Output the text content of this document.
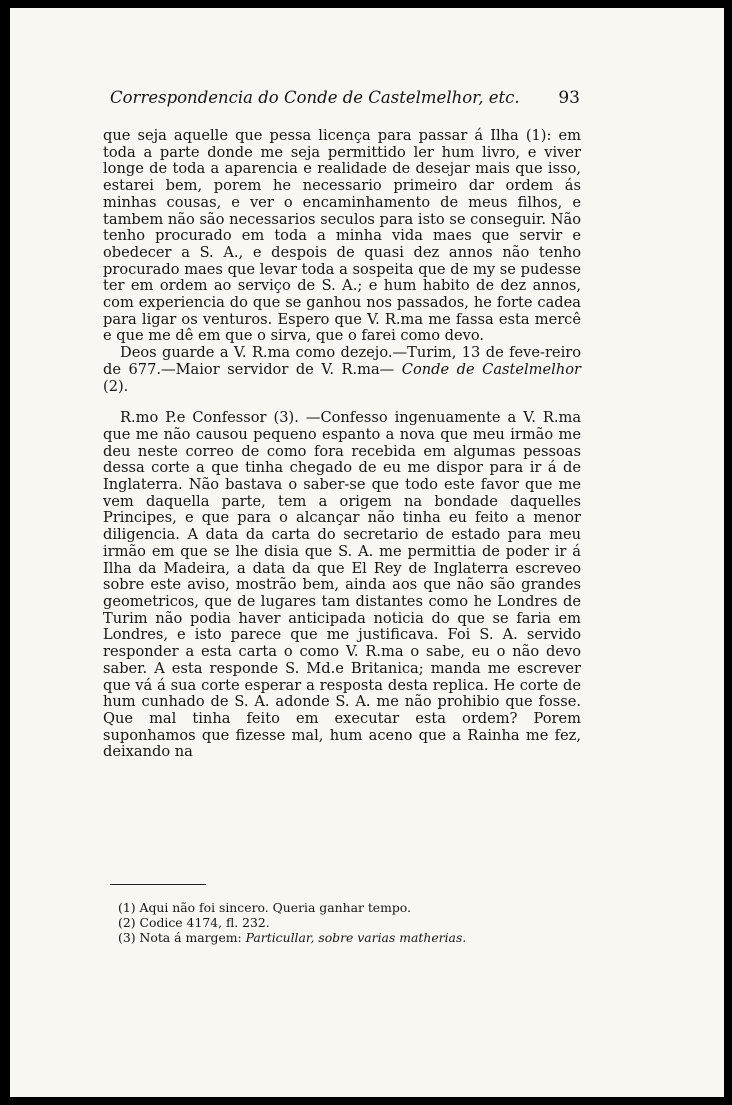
Correspondencia do Conde de Castelmelhor, etc. 93

que seja aquelle que pessa licença para passar á Ilha (1): em toda a parte donde me seja permittido ler hum livro, e viver longe de toda a aparencia e realidade de desejar mais que isso, estarei bem, porem he necessario primeiro dar ordem ás minhas cousas, e ver o encaminhamento de meus filhos, e tambem não são necessarios seculos para isto se conseguir. Não tenho procurado em toda a minha vida maes que servir e obedecer a S. A., e despois de quasi dez annos não tenho procurado maes que levar toda a sospeita que de my se pudesse ter em ordem ao serviço de S. A.; e hum habito de dez annos, com experiencia do que se ganhou nos passados, he forte cadea para ligar os venturos. Espero que V. R.ma me fassa esta mercê e que me dê em que o sirva, que o farei como devo.

Deos guarde a V. R.ma como dezejo.—Turim, 13 de feve-reiro de 677.—Maior servidor de V. R.ma— Conde de Castelmelhor (2).

R.mo P.e Confessor (3). —Confesso ingenuamente a V. R.ma que me não causou pequeno espanto a nova que meu irmão me deu neste correo de como fora recebida em algumas pessoas dessa corte a que tinha chegado de eu me dispor para ir á de Inglaterra. Não bastava o saber-se que todo este favor que me vem daquella parte, tem a origem na bondade daquelles Principes, e que para o alcançar não tinha eu feito a menor diligencia. A data da carta do secretario de estado para meu irmão em que se lhe disia que S. A. me permittia de poder ir á Ilha da Madeira, a data da que El Rey de Inglaterra escreveo sobre este aviso, mostrão bem, ainda aos que não são grandes geometricos, que de lugares tam distantes como he Londres de Turim não podia haver anticipada noticia do que se faria em Londres, e isto parece que me justificava. Foi S. A. servido responder a esta carta o como V. R.ma o sabe, eu o não devo saber. A esta responde S. Md.e Britanica; manda me escrever que vá á sua corte esperar a resposta desta replica. He corte de hum cunhado de S. A. adonde S. A. me não prohibio que fosse. Que mal tinha feito em executar esta ordem? Porem suponhamos que fizesse mal, hum aceno que a Rainha me fez, deixando na

(1) Aqui não foi sincero. Queria ganhar tempo.
(2) Codice 4174, fl. 232.
(3) Nota á margem: Particullar, sobre varias matherias.
